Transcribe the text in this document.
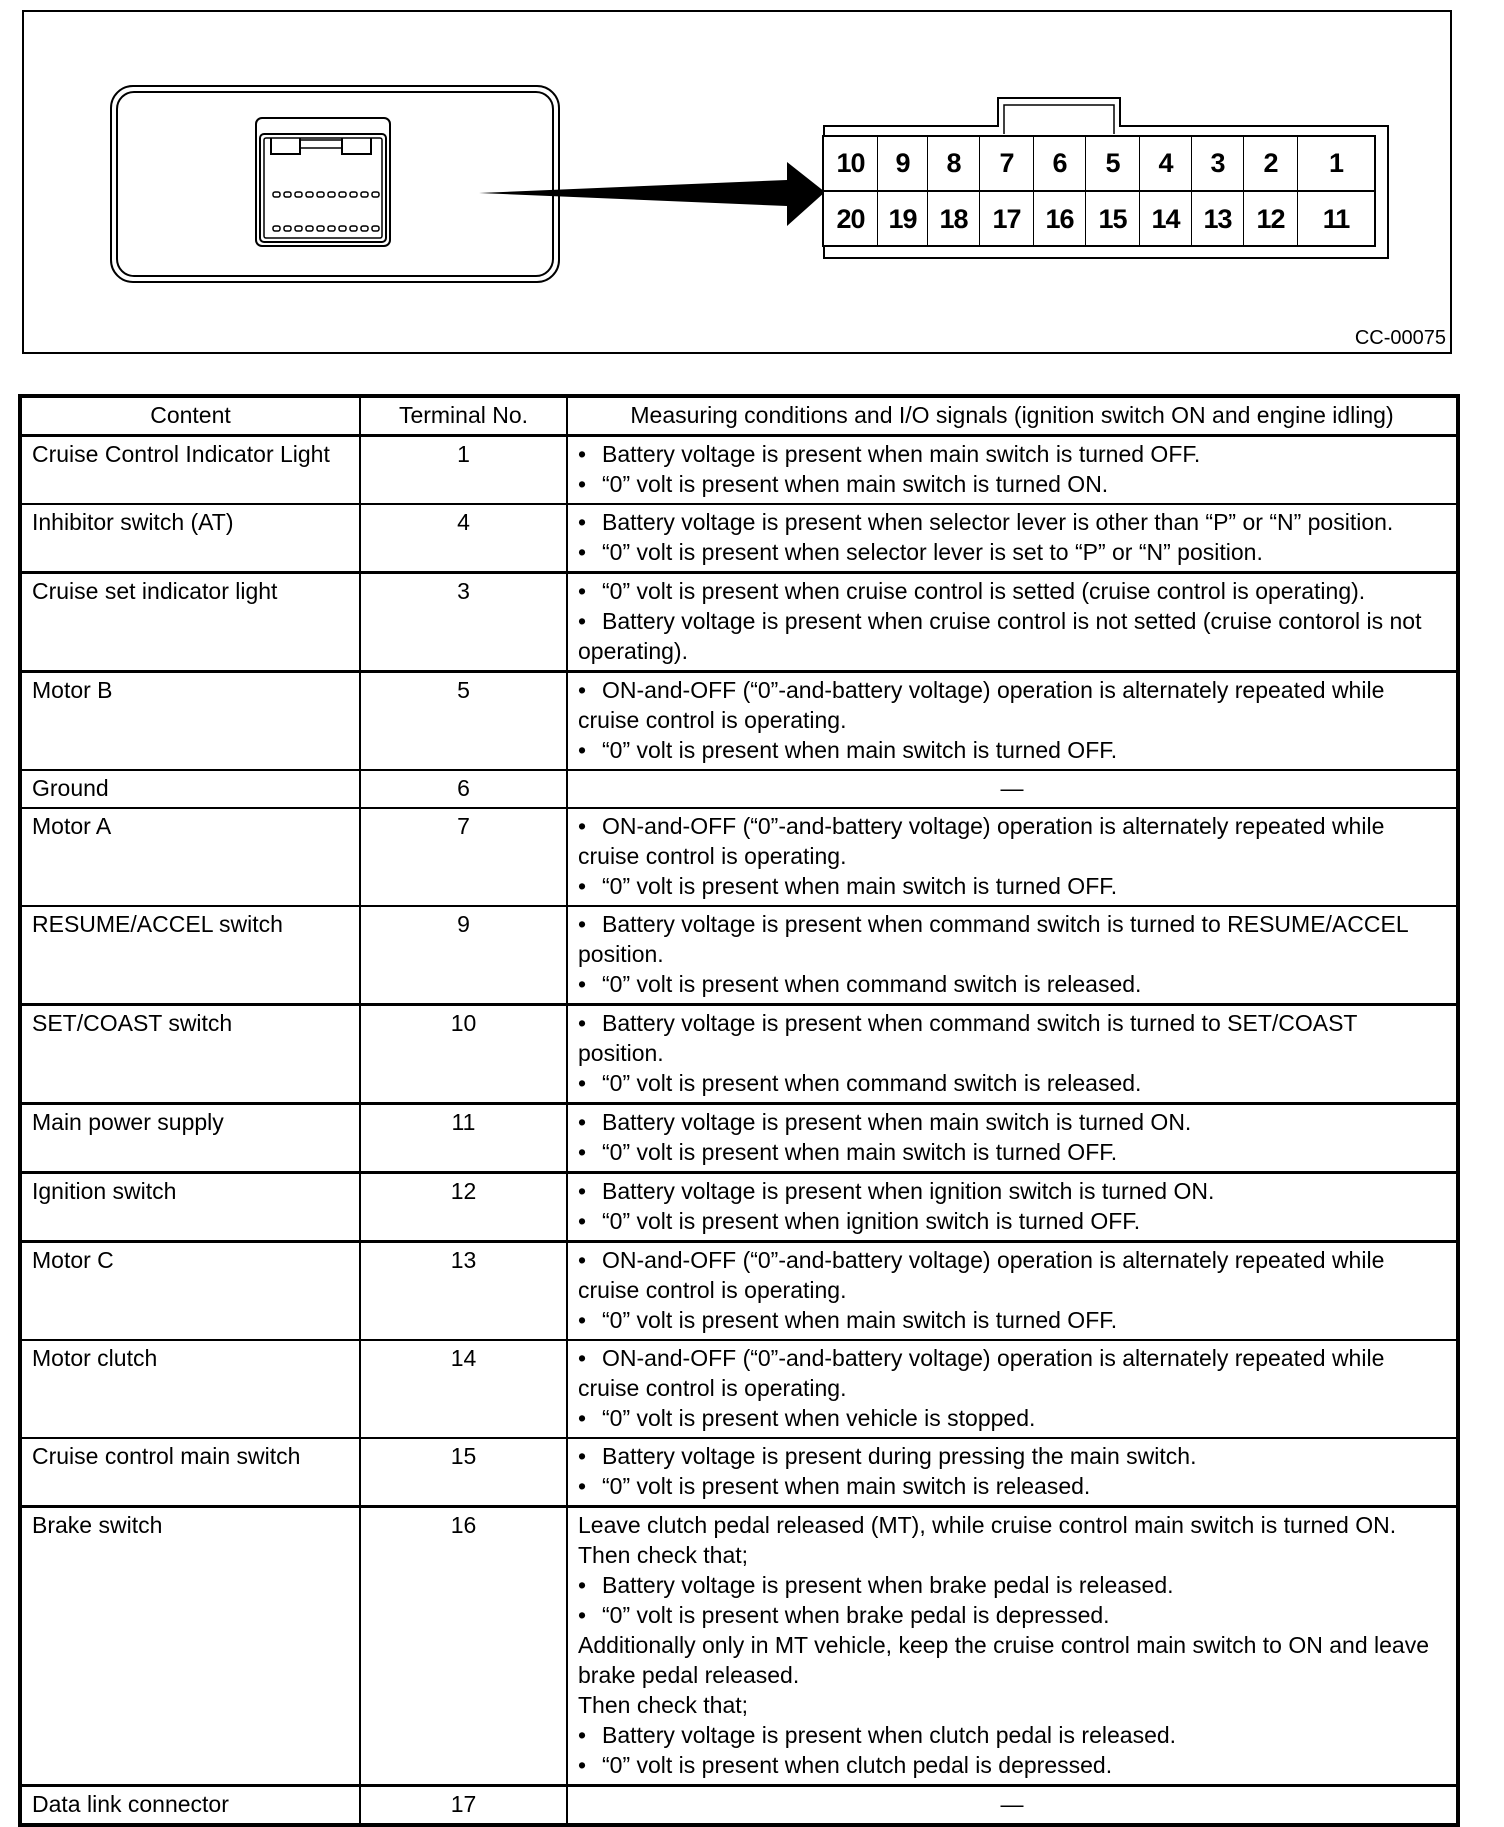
10	9	8	7	6	5	4	3	2	1
20 19 18 17 16 15 14 13 12	11
CC-00075
Content	Terminal No.	Measuring conditions and I/O signals (ignition switch ON and engine idling)
Cruise Control Indicator Light	1	• Battery voltage is present when main switch is turned OFF.
• “0” volt is present when main switch is turned ON.

Inhibitor switch (AT)	4	• Battery voltage is present when selector lever is other than “P” or “N” position.
• “0” volt is present when selector lever is set to “P” or “N” position.

Cruise set indicator light	3	• “0” volt is present when cruise control is setted (cruise control is operating).
• Battery voltage is present when cruise control is not setted (cruise contorol is not operating).

Motor B	5	• ON-and-OFF (“0”-and-battery voltage) operation is alternately repeated while cruise control is operating.
• “0” volt is present when main switch is turned OFF.

Ground	6	—
Motor A	7	• ON-and-OFF (“0”-and-battery voltage) operation is alternately repeated while cruise control is operating.
• “0” volt is present when main switch is turned OFF.

RESUME/ACCEL switch	9	• Battery voltage is present when command switch is turned to RESUME/ACCEL position.
• “0” volt is present when command switch is released.

SET/COAST switch	10	• Battery voltage is present when command switch is turned to SET/COAST position.
• “0” volt is present when command switch is released.

Main power supply	11	• Battery voltage is present when main switch is turned ON.
• “0” volt is present when main switch is turned OFF.

Ignition switch	12	• Battery voltage is present when ignition switch is turned ON.
• “0” volt is present when ignition switch is turned OFF.

Motor C	13	• ON-and-OFF (“0”-and-battery voltage) operation is alternately repeated while cruise control is operating.
• “0” volt is present when main switch is turned OFF.

Motor clutch	14	• ON-and-OFF (“0”-and-battery voltage) operation is alternately repeated while cruise control is operating.
• “0” volt is present when vehicle is stopped.

Cruise control main switch	15	• Battery voltage is present during pressing the main switch.
• “0” volt is present when main switch is released.

Brake switch	16	Leave clutch pedal released (MT), while cruise control main switch is turned ON.
Then check that;
• Battery voltage is present when brake pedal is released.
• “0” volt is present when brake pedal is depressed.
Additionally only in MT vehicle, keep the cruise control main switch to ON and leave brake pedal released.
Then check that;
• Battery voltage is present when clutch pedal is released.
• “0” volt is present when clutch pedal is depressed.

Data link connector	17	—
